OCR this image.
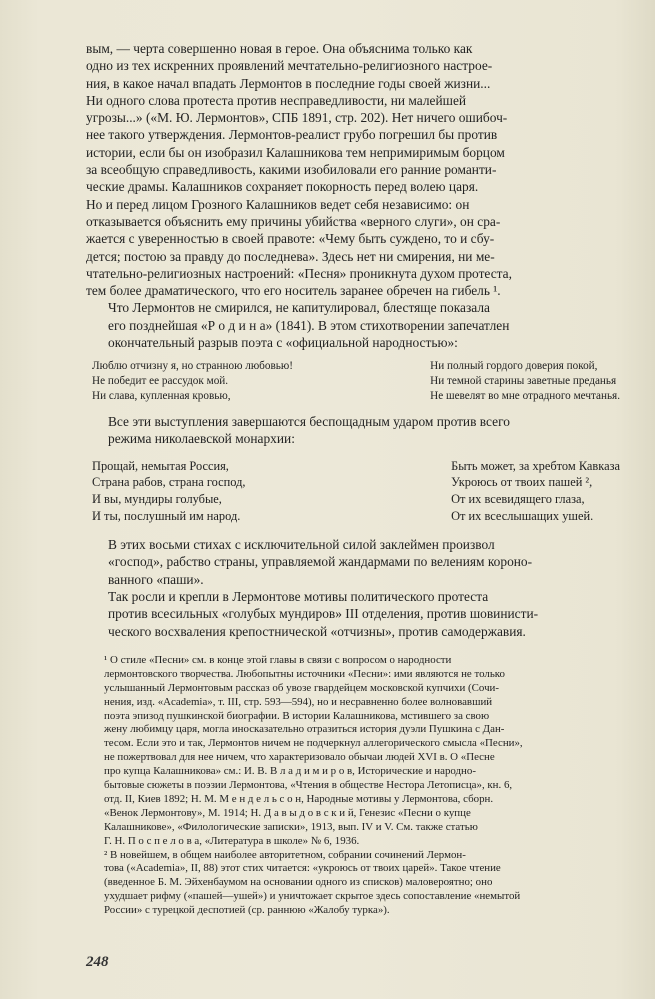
вым, — черта совершенно новая в герое. Она объяснима только как
одно из тех искренних проявлений мечтательно-религиозного настрое-
ния, в какое начал впадать Лермонтов в последние годы своей жизни...
Ни одного слова протеста против несправедливости, ни малейшей
угрозы...» («М. Ю. Лермонтов», СПБ 1891, стр. 202). Нет ничего ошибоч-
нее такого утверждения. Лермонтов-реалист грубо погрешил бы против
истории, если бы он изобразил Калашникова тем непримиримым борцом
за всеобщую справедливость, какими изобиловали его ранние романти-
ческие драмы. Калашников сохраняет покорность перед волею царя.
Но и перед лицом Грозного Калашников ведет себя независимо: он
отказывается объяснить ему причины убийства «верного слуги», он сра-
жается с уверенностью в своей правоте: «Чему быть суждено, то и сбу-
дется; постою за правду до последнева». Здесь нет ни смирения, ни ме-
чтательно-религиозных настроений: «Песня» проникнута духом протеста,
тем более драматического, что его носитель заранее обречен на гибель ¹.

Что Лермонтов не смирился, не капитулировал, блестяще показала
его позднейшая «Р о д и н а» (1841). В этом стихотворении запечатлен
окончательный разрыв поэта с «официальной народностью»:

Люблю отчизну я, но странною любовью!
Не победит ее рассудок мой.
Ни слава, купленная кровью,
Ни полный гордого доверия покой,
Ни темной старины заветные преданья
Не шевелят во мне отрадного мечтанья.

Все эти выступления завершаются беспощадным ударом против всего
режима николаевской монархии:

Прощай, немытая Россия,
Страна рабов, страна господ,
И вы, мундиры голубые,
И ты, послушный им народ.
Быть может, за хребтом Кавказа
Укроюсь от твоих пашей ²,
От их всевидящего глаза,
От их всеслышащих ушей.

В этих восьми стихах с исключительной силой заклеймен произвол
«господ», рабство страны, управляемой жандармами по велениям короно-
ванного «паши».

Так росли и крепли в Лермонтове мотивы политического протеста
против всесильных «голубых мундиров» III отделения, против шовинисти-
ческого восхваления крепостнической «отчизны», против самодержавия.

¹ О стиле «Песни» см. в конце этой главы в связи с вопросом о народности
лермонтовского творчества. Любопытны источники «Песни»: ими являются не только
услышанный Лермонтовым рассказ об увозе гвардейцем московской купчихи (Сочи-
нения, изд. «Academia», т. III, стр. 593—594), но и несравненно более волновавший
поэта эпизод пушкинской биографии. В истории Калашникова, мстившего за свою
жену любимцу царя, могла иносказательно отразиться история дуэли Пушкина с Дан-
тесом. Если это и так, Лермонтов ничем не подчеркнул аллегорического смысла «Песни»,
не пожертвовал для нее ничем, что характеризовало обычаи людей XVI в. О «Песне
про купца Калашникова» см.: И. В. В л а д и м и р о в, Исторические и народно-
бытовые сюжеты в поэзии Лермонтова, «Чтения в обществе Нестора Летописца», кн. 6,
отд. II, Киев 1892; Н. М. М е н д е л ь с о н, Народные мотивы у Лермонтова, сборн.
«Венок Лермонтову», М. 1914; Н. Д а в ы д о в с к и й, Генезис «Песни о купце
Калашникове», «Филологические записки», 1913, вып. IV и V. См. также статью
Г. Н. П о с п е л о в а, «Литература в школе» № 6, 1936.

² В новейшем, в общем наиболее авторитетном, собрании сочинений Лермон-
това («Academia», II, 88) этот стих читается: «укроюсь от твоих царей». Такое чтение
(введенное Б. М. Эйхенбаумом на основании одного из списков) маловероятно; оно
ухудшает рифму («пашей—ушей») и уничтожает скрытое здесь сопоставление «немытой
России» с турецкой деспотией (ср. раннюю «Жалобу турка»).

248
